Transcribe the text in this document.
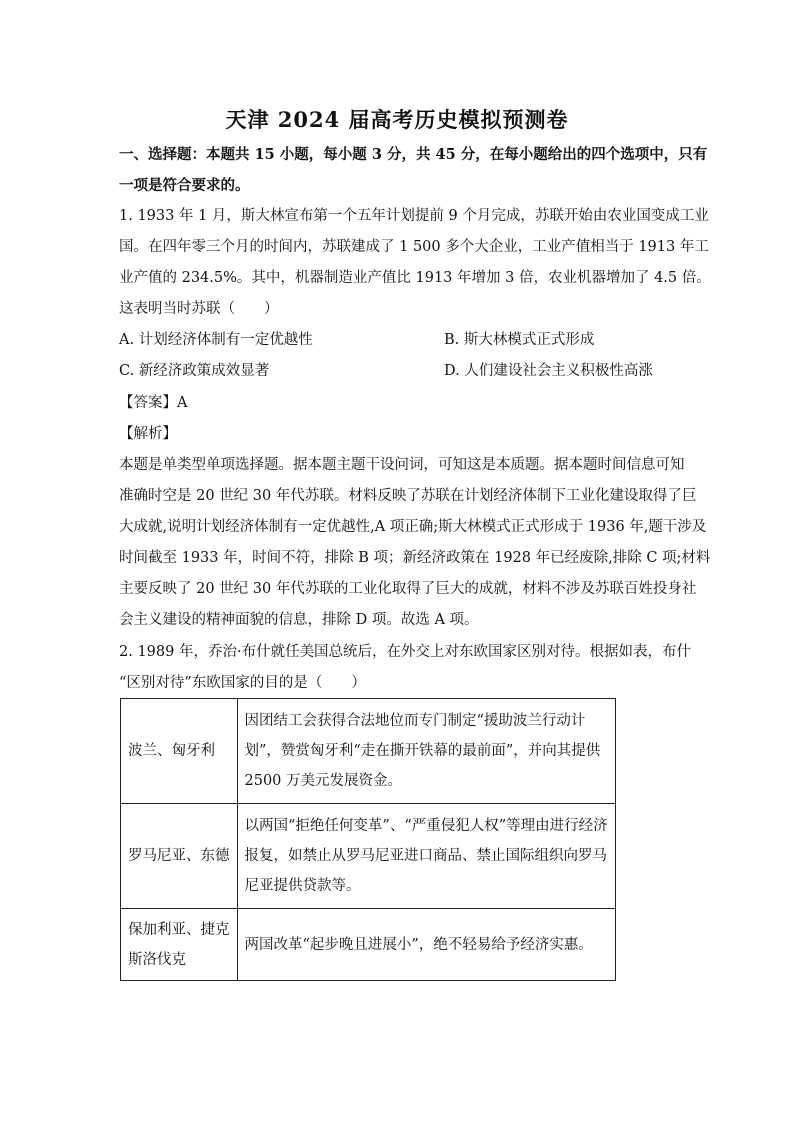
天津 2024 届高考历史模拟预测卷
一、选择题：本题共 15 小题，每小题 3 分，共 45 分，在每小题给出的四个选项中，只有
一项是符合要求的。
1. 1933 年 1 月，斯大林宣布第一个五年计划提前 9 个月完成，苏联开始由农业国变成工业
国。在四年零三个月的时间内，苏联建成了 1 500 多个大企业，工业产值相当于 1913 年工
业产值的 234.5%。其中，机器制造业产值比 1913 年增加 3 倍，农业机器增加了 4.5 倍。
这表明当时苏联（　　）
A. 计划经济体制有一定优越性	B. 斯大林模式正式形成
C. 新经济政策成效显著	D. 人们建设社会主义积极性高涨
【答案】A
【解析】
本题是单类型单项选择题。据本题主题干设问词，可知这是本质题。据本题时间信息可知
准确时空是 20 世纪 30 年代苏联。材料反映了苏联在计划经济体制下工业化建设取得了巨
大成就,说明计划经济体制有一定优越性,A 项正确;斯大林模式正式形成于 1936 年,题干涉及
时间截至 1933 年，时间不符，排除 B 项；新经济政策在 1928 年已经废除,排除 C 项;材料
主要反映了 20 世纪 30 年代苏联的工业化取得了巨大的成就，材料不涉及苏联百姓投身社
会主义建设的精神面貌的信息，排除 D 项。故选 A 项。
2. 1989 年，乔治·布什就任美国总统后，在外交上对东欧国家区别对待。根据如表，布什
“区别对待”东欧国家的目的是（　　）
波兰、匈牙利	因团结工会获得合法地位而专门制定“援助波兰行动计
划”，赞赏匈牙利“走在撕开铁幕的最前面”，并向其提供
2500 万美元发展资金。

罗马尼亚、东德	以两国“拒绝任何变革”、“严重侵犯人权”等理由进行经济
报复，如禁止从罗马尼亚进口商品、禁止国际组织向罗马
尼亚提供贷款等。

保加利亚、捷克
斯洛伐克	两国改革“起步晚且进展小”，绝不轻易给予经济实惠。
